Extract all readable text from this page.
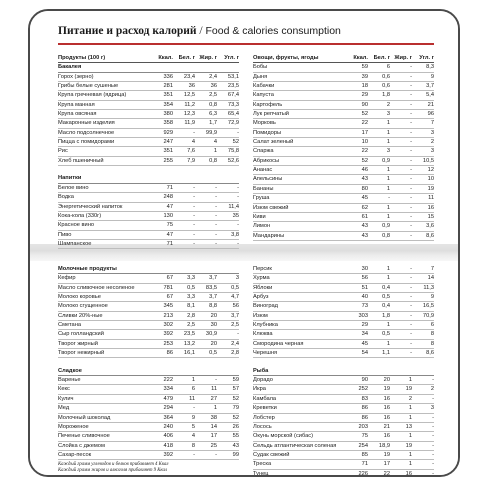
Питание и расход калорий / Food & calories consumption
Продукты (100 г)	Ккал. Бел. г Жир. г	Угл. г
Бакалея
Горох (зерно)	336	23,4	2,4	53,1
Грибы белые сушеные	281	36	36	23,5
Крупа гречневая (ядрица)	351	12,5	2,5	67,4
Крупа манная	354	11,2	0,8	73,3
Крупа овсяная	380	12,3	6,3	65,4
Макаронные изделия	358	11,9	1,7	72,9
Масло подсолнечное	929	-	99,9	-
Пицца с помидорами	247	4	4	52
Рис	351	7,6	1	75,8
Хлеб пшеничный	255	7,9	0,8	52,6
Напитки
Белое вино	71	-	-	-
Водка	248	-	-	-
Энергетический напиток	47	-	-	11,4
Кока-кола (330г)	130	-	-	35
Красное вино	75	-	-	-
Пиво	47	-	-	3,8
Шампанское	71	-	-	-
Овощи, фрукты, ягоды	Ккал. Бел. г Жир. г	Угл. г
Бобы	59	6	-	8,3
Дыня	39	0,6	-	9
Кабачки	18	0,6	-	3,7
Капуста	29	1,8	-	5,4
Картофель	90	2	-	21
Лук репчатый	52	3	-	96
Морковь	22	1	-	7
Помидоры	17	1	-	3
Салат зеленый	10	1	-	2
Спаржа	22	3	-	3
Абрикосы	52	0,9	-	10,5
Ананас	46	1	-	12
Апельсины	43	1	-	10
Бананы	80	1	-	19
Груша	45	-	-	11
Изюм свежий	62	1	-	16
Киви	61	1	-	15
Лимон	43	0,9	-	3,6
Мандарины	43	0,8	-	8,6
Молочные продукты
Кефир	67	3,3	3,7	3
Масло сливочное несоленое	781	0,5	83,5	0,5
Молоко коровье	67	3,3	3,7	4,7
Молоко сгущенное	345	8,1	8,8	56
Сливки 20%-ные	213	2,8	20	3,7
Сметана	302	2,5	30	2,5
Сыр голландский	392	23,5	30,9	-
Творог жирный	253	13,2	20	2,4
Творог нежирный	86	16,1	0,5	2,8
Сладкое
Варенье	222	1	-	59
Кекс	334	6	11	57
Кулич	479	11	27	52
Мед	294	-	1	79
Молочный шоколад	364	9	38	52
Мороженое	240	5	14	26
Печенье сливочное	406	4	17	55
Слойка с джемом	418	8	25	43
Сахар-песок	392	-	-	99
Каждый грамм углеводов и белков прибавляет 4 Ккал
Каждый грамм жиров и алкоголя прибавляет 9 Ккал
Персик	30	1	-	7
Хурма	56	1	-	14
Яблоки	51	0,4	-	11,3
Арбуз	40	0,5	-	9
Виноград	73	0,4	-	16,5
Изюм	303	1,8	-	70,9
Клубника	29	1	-	6
Клюква	34	0,5	-	8
Смородина черная	45	1	-	8
Черешня	54	1,1	-	8,6
Рыба
Дорадо	90	20	1	-
Икра	252	19	19	2
Камбала	83	16	2	-
Креветки	86	16	1	3
Лобстер	86	16	1	-
Лосось	203	21	13	-
Окунь морской (сибас)	75	16	1	-
Сельдь атлантическая соленая	254	18,9	19	-
Судак свежий	85	19	1	-
Треска	71	17	1	-
Тунец	226	22	16	-
